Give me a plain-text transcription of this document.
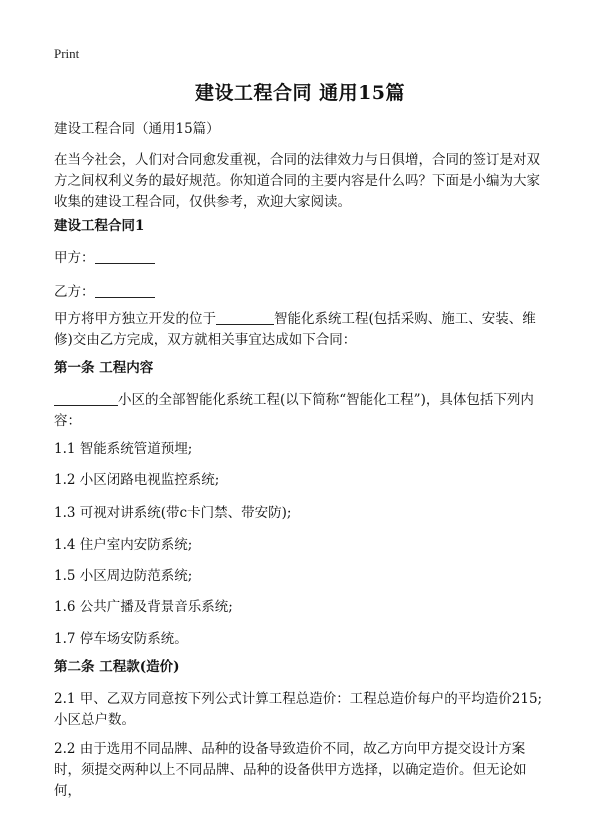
Print
建设工程合同 通用15篇
建设工程合同（通用15篇）
在当今社会，人们对合同愈发重视，合同的法律效力与日俱增，合同的签订是对双方之间权利义务的最好规范。你知道合同的主要内容是什么吗？下面是小编为大家收集的建设工程合同，仅供参考，欢迎大家阅读。
建设工程合同1
甲方：
乙方：
甲方将甲方独立开发的位于	智能化系统工程(包括采购、施工、安装、维修)交由乙方完成，双方就相关事宜达成如下合同：
第一条 工程内容
小区的全部智能化系统工程(以下简称“智能化工程”)，具体包括下列内容：
1.1 智能系统管道预埋;
1.2 小区闭路电视监控系统;
1.3 可视对讲系统(带c卡门禁、带安防);
1.4 住户室内安防系统;
1.5 小区周边防范系统;
1.6 公共广播及背景音乐系统;
1.7 停车场安防系统。
第二条 工程款(造价)
2.1 甲、乙双方同意按下列公式计算工程总造价：工程总造价每户的平均造价215;小区总户数。
2.2 由于选用不同品牌、品种的设备导致造价不同，故乙方向甲方提交设计方案时，须提交两种以上不同品牌、品种的设备供甲方选择，以确定造价。但无论如何，
